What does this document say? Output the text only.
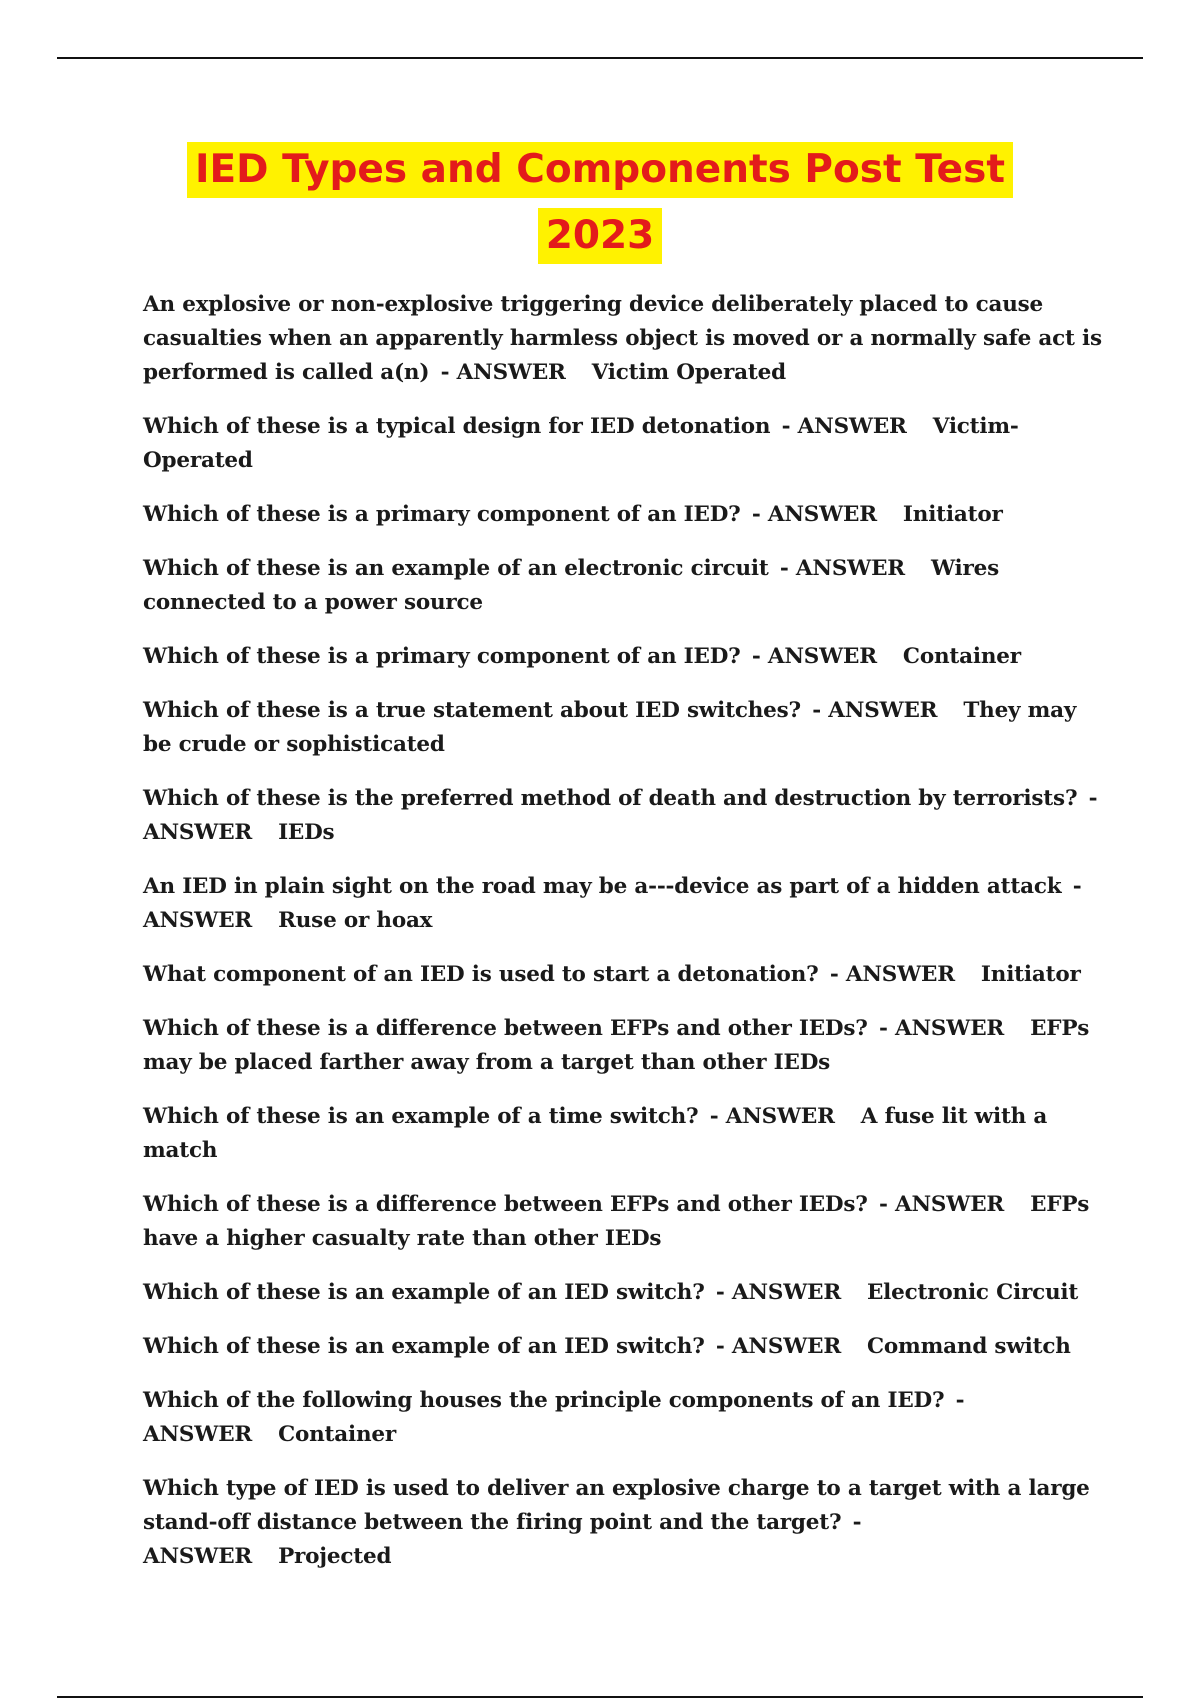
IED Types and Components Post Test
2023

An explosive or non-explosive triggering device deliberately placed to cause casualties when an apparently harmless object is moved or a normally safe act is performed is called a(n) - ANSWER Victim Operated

Which of these is a typical design for IED detonation - ANSWER Victim-Operated

Which of these is a primary component of an IED? - ANSWER Initiator

Which of these is an example of an electronic circuit - ANSWER Wires connected to a power source

Which of these is a primary component of an IED? - ANSWER Container

Which of these is a true statement about IED switches? - ANSWER They may be crude or sophisticated

Which of these is the preferred method of death and destruction by terrorists? - ANSWER IEDs

An IED in plain sight on the road may be a---device as part of a hidden attack - ANSWER Ruse or hoax

What component of an IED is used to start a detonation? - ANSWER Initiator

Which of these is a difference between EFPs and other IEDs? - ANSWER EFPs may be placed farther away from a target than other IEDs

Which of these is an example of a time switch? - ANSWER A fuse lit with a match

Which of these is a difference between EFPs and other IEDs? - ANSWER EFPs have a higher casualty rate than other IEDs

Which of these is an example of an IED switch? - ANSWER Electronic Circuit

Which of these is an example of an IED switch? - ANSWER Command switch

Which of the following houses the principle components of an IED? - ANSWER Container

Which type of IED is used to deliver an explosive charge to a target with a large stand-off distance between the firing point and the target? - ANSWER Projected
